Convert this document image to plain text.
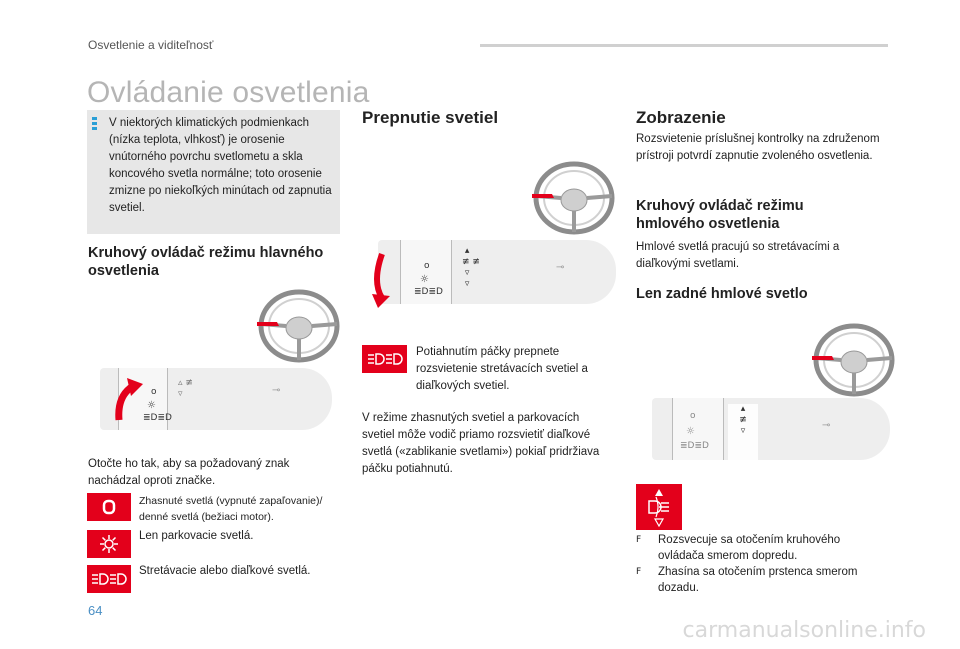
Osvetlenie a viditeľnosť
Ovládanie osvetlenia
V niektorých klimatických podmienkach (nízka teplota, vlhkosť) je orosenie vnútorného povrchu svetlometu a skla koncového svetla normálne; toto orosenie zmizne po niekoľkých minútach od zapnutia svetiel.
Kruhový ovládač režimu hlavného osvetlenia
o
☼
≣D≣D
▵ ≢
▿	⊸
Otočte ho tak, aby sa požadovaný znak nachádzal oproti značke.
Zhasnuté svetlá (vypnuté zapaľovanie)/ denné svetlá (bežiaci motor).
Len parkovacie svetlá.
Stretávacie alebo diaľkové svetlá.
Prepnutie svetiel
o
☼
≣D≣D
▴
≢ ≢
▿
▿
⊸
Potiahnutím páčky prepnete rozsvietenie stretávacích svetiel a diaľkových svetiel.
V režime zhasnutých svetiel a parkovacích svetiel môže vodič priamo rozsvietiť diaľkové svetlá («zablikanie svetlami») pokiaľ pridržiava páčku potiahnutú.
Zobrazenie
Rozsvietenie príslušnej kontrolky na združenom prístroji potvrdí zapnutie zvoleného osvetlenia.
Kruhový ovládač režimu hmlového osvetlenia
Hmlové svetlá pracujú so stretávacími a diaľkovými svetlami.
Len zadné hmlové svetlo
o
☼
≣D≣D
▴
≢
▿	⊸
F	Rozsvecuje sa otočením kruhového ovládača smerom dopredu.
F	Zhasína sa otočením prstenca smerom dozadu.
64
carmanualsonline.info
